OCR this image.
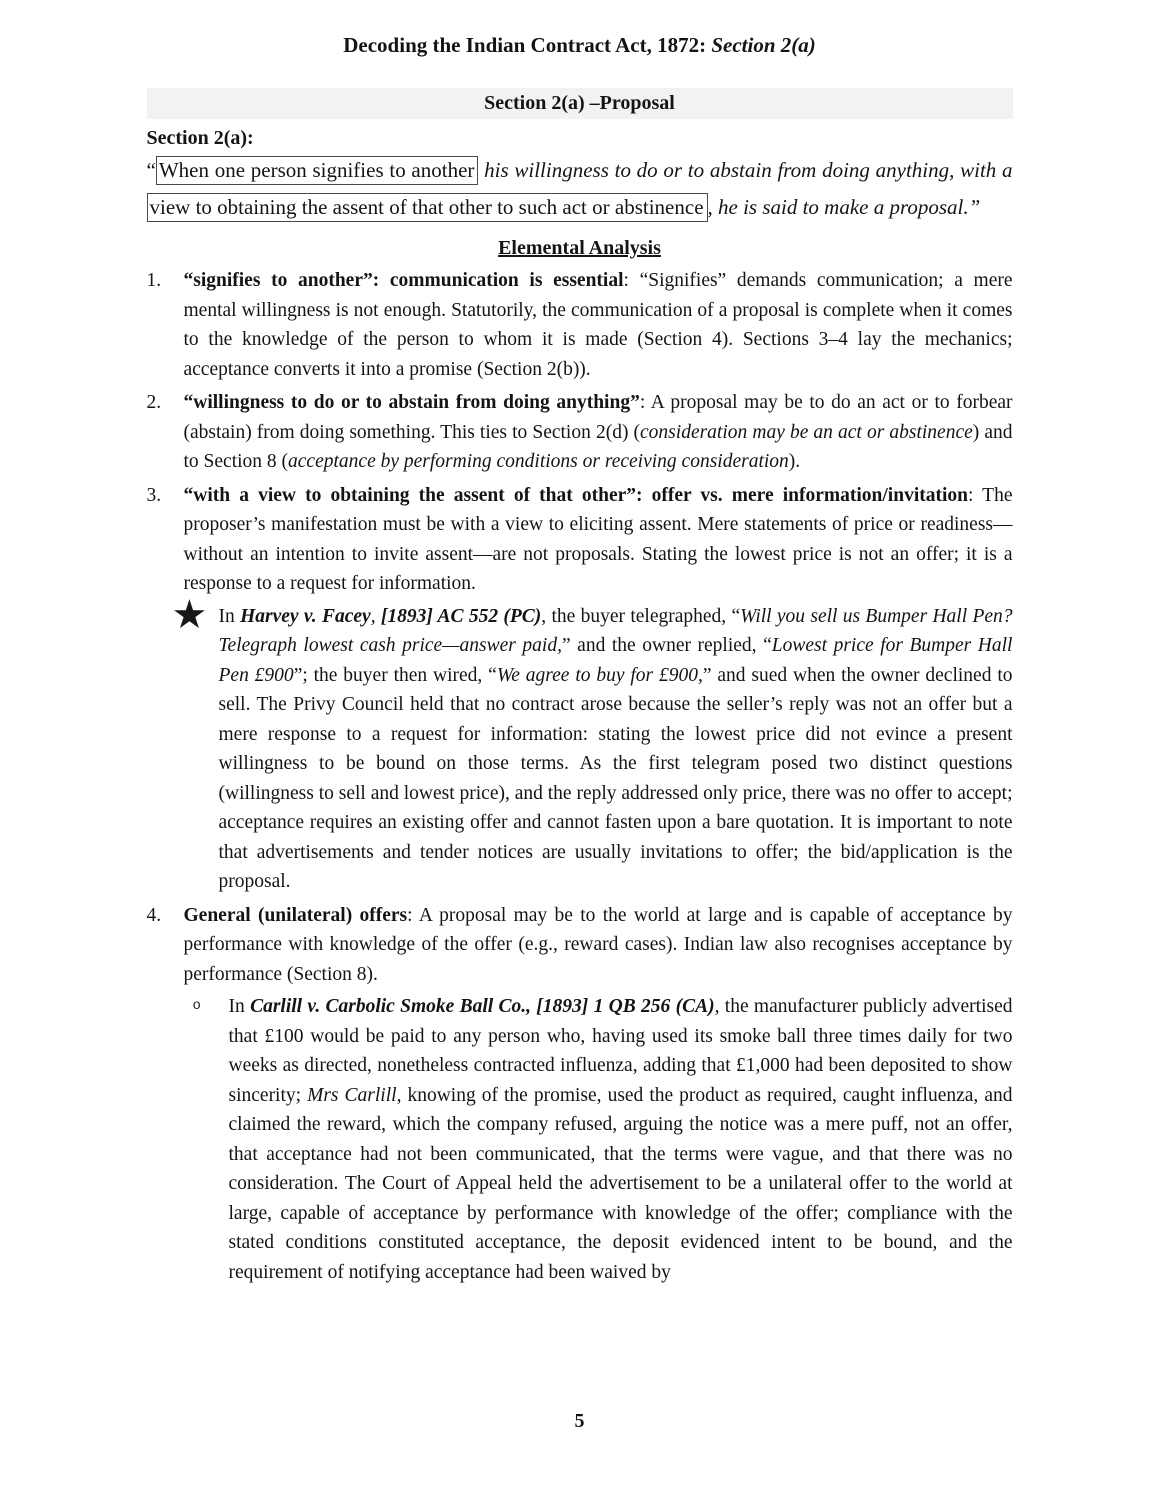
Decoding the Indian Contract Act, 1872: Section 2(a)
Section 2(a) –Proposal
Section 2(a):
“ When one person signifies to another his willingness to do or to abstain from doing anything, with a view to obtaining the assent of that other to such act or abstinence , he is said to make a proposal.”
Elemental Analysis
1.	“signifies to another”: communication is essential: “Signifies” demands communication; a mere mental willingness is not enough. Statutorily, the communication of a proposal is complete when it comes to the knowledge of the person to whom it is made (Section 4). Sections 3–4 lay the mechanics; acceptance converts it into a promise (Section 2(b)).
2.	“willingness to do or to abstain from doing anything”: A proposal may be to do an act or to forbear (abstain) from doing something. This ties to Section 2(d) (consideration may be an act or abstinence) and to Section 8 (acceptance by performing conditions or receiving consideration).
3.	“with a view to obtaining the assent of that other”: offer vs. mere information/​invitation: The proposer’s manifestation must be with a view to eliciting assent. Mere statements of price or readiness—without an intention to invite assent—are not proposals. Stating the lowest price is not an offer; it is a response to a request for information.
★ In Harvey v. Facey, [1893] AC 552 (PC), the buyer telegraphed, “Will you sell us Bumper Hall Pen? Telegraph lowest cash price—answer paid,” and the owner replied, “Lowest price for Bumper Hall Pen £900”; the buyer then wired, “We agree to buy for £900,” and sued when the owner declined to sell. The Privy Council held that no contract arose because the seller’s reply was not an offer but a mere response to a request for information: stating the lowest price did not evince a present willingness to be bound on those terms. As the first telegram posed two distinct questions (willingness to sell and lowest price), and the reply addressed only price, there was no offer to accept; acceptance requires an existing offer and cannot fasten upon a bare quotation. It is important to note that advertisements and tender notices are usually invitations to offer; the bid/application is the proposal.
4.	General (unilateral) offers: A proposal may be to the world at large and is capable of acceptance by performance with knowledge of the offer (e.g., reward cases). Indian law also recognises acceptance by performance (Section 8).
o In Carlill v. Carbolic Smoke Ball Co., [1893] 1 QB 256 (CA), the manufacturer publicly advertised that £100 would be paid to any person who, having used its smoke ball three times daily for two weeks as directed, nonetheless contracted influenza, adding that £1,000 had been deposited to show sincerity; Mrs Carlill, knowing of the promise, used the product as required, caught influenza, and claimed the reward, which the company refused, arguing the notice was a mere puff, not an offer, that acceptance had not been communicated, that the terms were vague, and that there was no consideration. The Court of Appeal held the advertisement to be a unilateral offer to the world at large, capable of acceptance by performance with knowledge of the offer; compliance with the stated conditions constituted acceptance, the deposit evidenced intent to be bound, and the requirement of notifying acceptance had been waived by
5
